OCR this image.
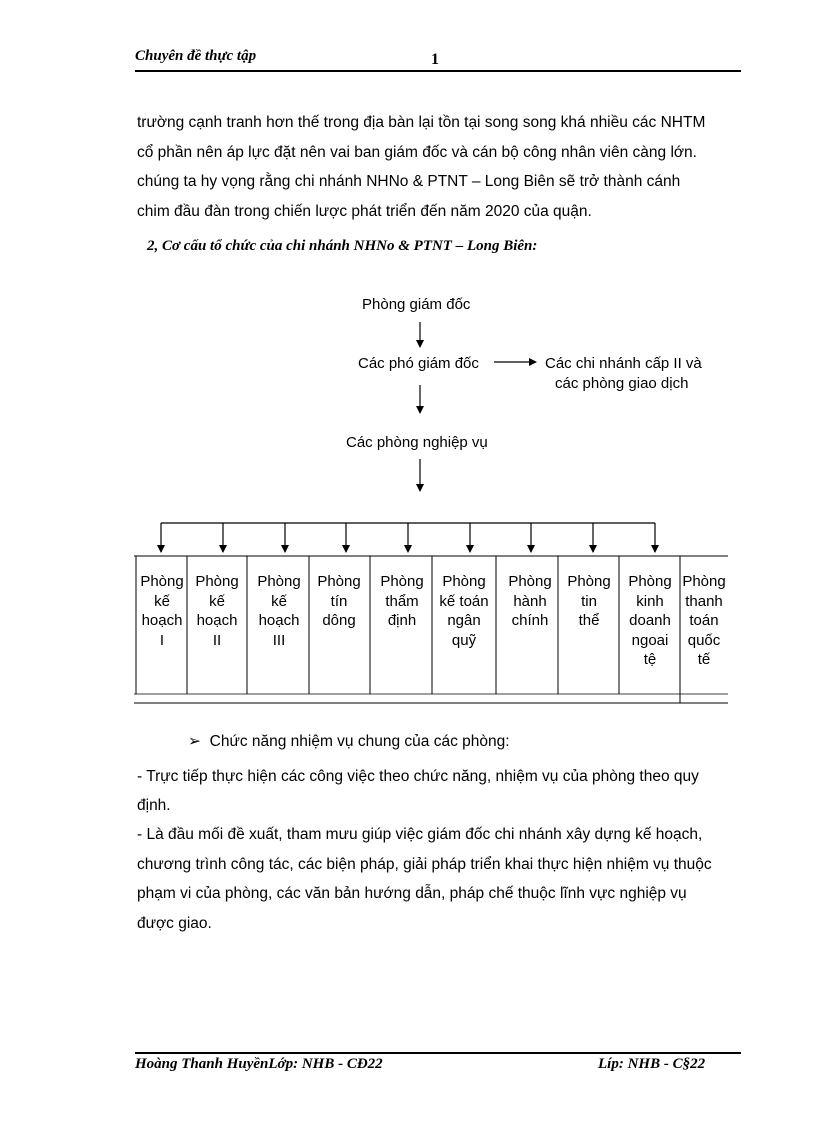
Chuyên đề thực tập	1
trường cạnh tranh hơn thế trong địa bàn lại tồn tại song song khá nhiều các NHTM
cổ phần nên áp lực đặt nên vai ban giám đốc và cán bộ công nhân viên càng lớn.
chúng ta hy vọng rằng chi nhánh NHNo & PTNT – Long Biên sẽ trở thành cánh
chim đầu đàn trong chiến lược phát triển đến năm 2020 của quận.
2, Cơ cấu tổ chức của chi nhánh NHNo & PTNT – Long Biên:
Phòng giám đốc
Các phó giám đốc	Các chi nhánh cấp II và
các phòng giao dịch
Các phòng nghiệp vụ
Phòng
kế
hoạch
I
Phòng
kế
hoạch
II
Phòng
kế
hoạch
III
Phòng
tín
dông
Phòng
thẩm
định
Phòng
kế toán
ngân
quỹ
Phòng
hành
chính
Phòng
tin
thể
Phòng
kinh
doanh
ngoai
tệ
Phòng
thanh
toán
quốc
tế
➢ Chức năng nhiệm vụ chung của các phòng:
- Trực tiếp thực hiện các công việc theo chức năng, nhiệm vụ của phòng theo quy
định.
- Là đầu mối đề xuất, tham mưu giúp việc giám đốc chi nhánh xây dựng kế hoạch,
chương trình công tác, các biện pháp, giải pháp triển khai thực hiện nhiệm vụ thuộc
phạm vi của phòng, các văn bản hướng dẫn, pháp chế thuộc lĩnh vực nghiệp vụ
được giao.
Hoàng Thanh HuyềnLớp: NHB - CĐ22	Líp: NHB - C§22
